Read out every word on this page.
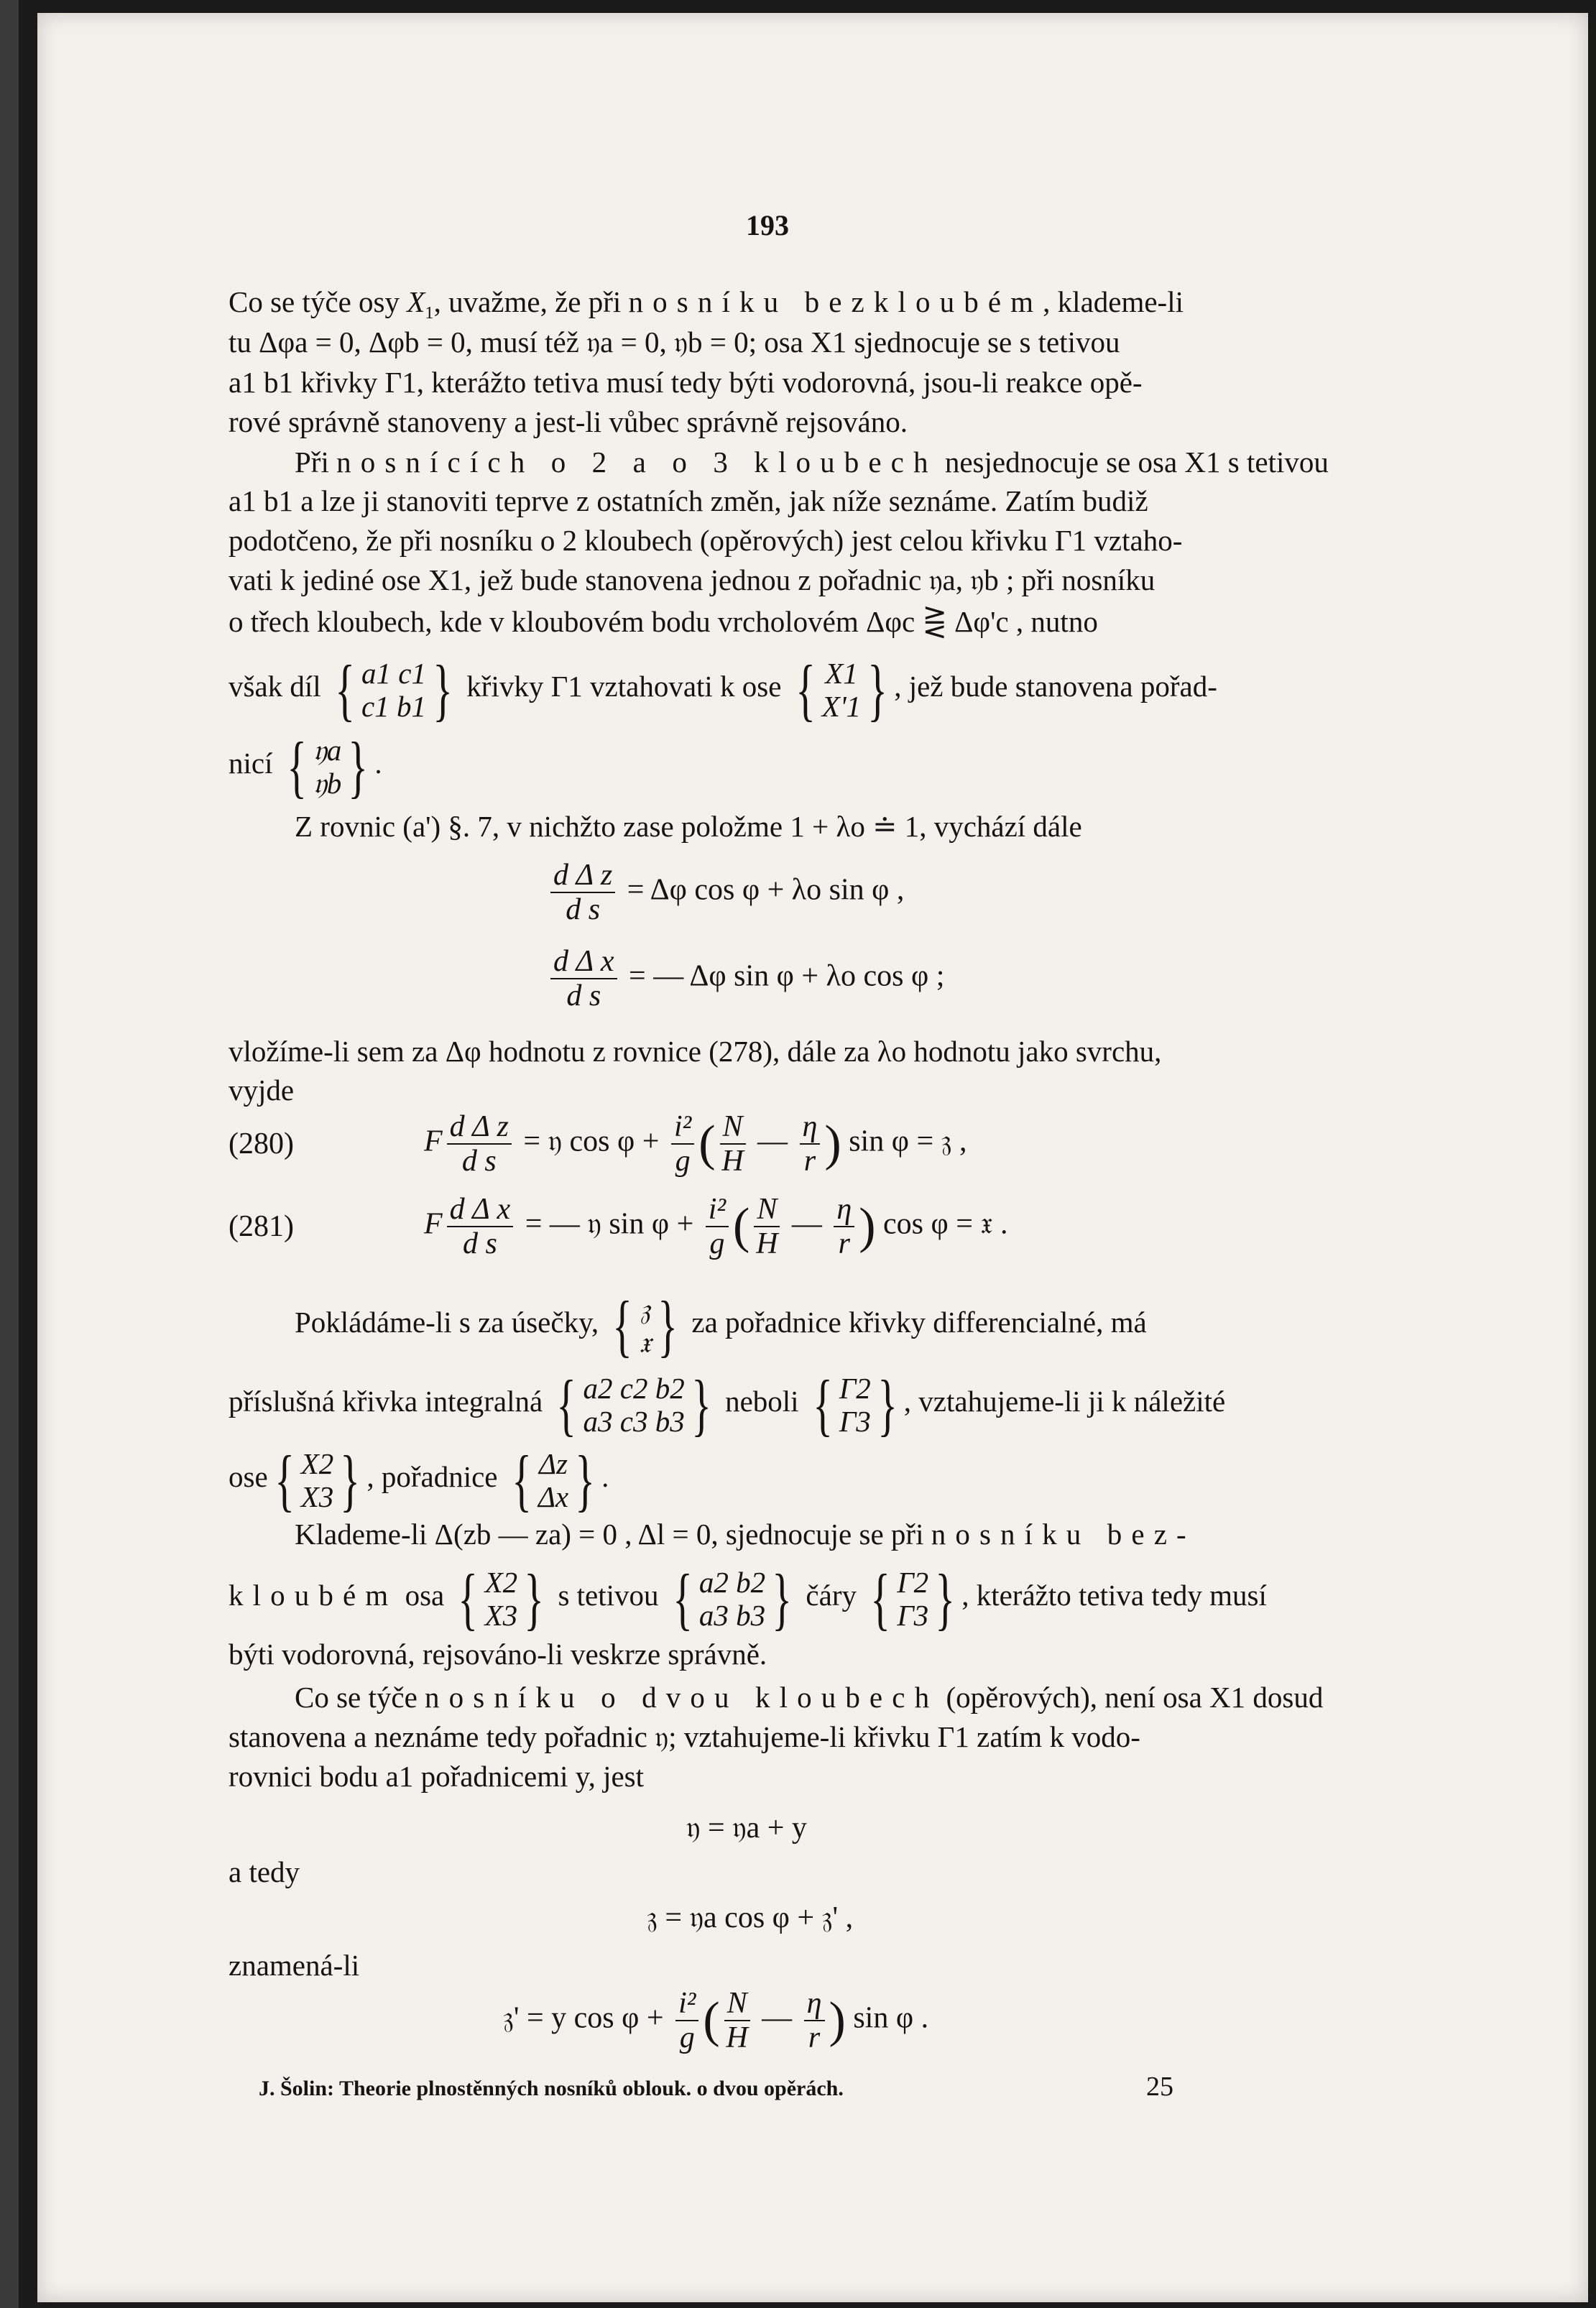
193
Co se týče osy $X_1$, uvažme, že při nosníku bezkloubém, klademe-li
tu Δφa = 0, Δφb = 0, musí též 𝔶a = 0, 𝔶b = 0; osa X1 sjednocuje se s tetivou
a1 b1 křivky Γ1, kterážto tetiva musí tedy býti vodorovná, jsou-li reakce opě-
rové správně stanoveny a jest-li vůbec správně rejsováno.
Při nosnících o 2 a o 3 kloubech nesjednocuje se osa X1 s tetivou
a1 b1 a lze ji stanoviti teprve z ostatních změn, jak níže seznáme. Zatím budiž
podotčeno, že při nosníku o 2 kloubech (opěrových) jest celou křivku Γ1 vztaho-
vati k jediné ose X1, jež bude stanovena jednou z pořadnic 𝔶a, 𝔶b ; při nosníku
o třech kloubech, kde v kloubovém bodu vrcholovém Δφc ⋛ Δφ'c , nutno
však díl { a1 c1
c1 b1 } křivky Γ1 vztahovati k ose { X1
X'1 } , jež bude stanovena pořad-
nicí { 𝔶a
𝔶b } .
Z rovnic (a') §. 7, v nichžto zase položme 1 + λo ≐ 1, vychází dále
$\frac{\text{d Δ z}}{\text{d s}} = \Delta\varphi$ cos φ + λo sin φ ,
$\frac{\text{d Δ x}}{\text{d s}}$ = — Δφ sin φ + λo cos φ ;
vložíme-li sem za Δφ hodnotu z rovnice (278), dále za λo hodnotu jako svrchu,
vyjde
(280)	F $\frac{\text{d Δ z}}{\text{d s}}$ = 𝔶 $\cos \varphi + \frac{\text{i²}}{g}$ ( $\frac{N}{H}$ — $\frac{\eta}{r}$ ) sin φ = 𝔷 ,
(281)	F $\frac{\text{d Δ x}}{\text{d s}}$ = — 𝔶 $\sin \varphi + \frac{\text{i²}}{g}$ ( $\frac{N}{H}$ — $\frac{\eta}{r}$ ) cos φ = 𝔵 .
Pokládáme-li s za úsečky, { 𝔷
𝔵 } za pořadnice křivky differencialné, má
příslušná křivka integralná { a2 c2 b2
a3 c3 b3 } neboli { Γ2
Γ3 } , vztahujeme-li ji k náležité
ose{ X2
X3 } , pořadnice { Δz
Δx } .
Klademe-li Δ(zb — za) = 0 , Δl = 0, sjednocuje se při nosníku bez-
kloubém osa { X2
X3 } s tetivou { a2 b2
a3 b3 } čáry { Γ2
Γ3 } , kterážto tetiva tedy musí
býti vodorovná, rejsováno-li veskrze správně.
Co se týče nosníku o dvou kloubech (opěrových), není osa X1 dosud
stanovena a neznáme tedy pořadnic 𝔶; vztahujeme-li křivku Γ1 zatím k vodo-
rovnici bodu a1 pořadnicemi y, jest
𝔶 = 𝔶a + y
a tedy
𝔷 = 𝔶a cos φ + 𝔷' ,
znamená-li
𝔷' = y $\cos \varphi + \frac{\text{i²}}{g}$ ( $\frac{N}{H}$ — $\frac{\eta}{r}$ ) sin φ .
J. Šolin: Theorie plnostěnných nosníků oblouk. o dvou opěrách.	25
